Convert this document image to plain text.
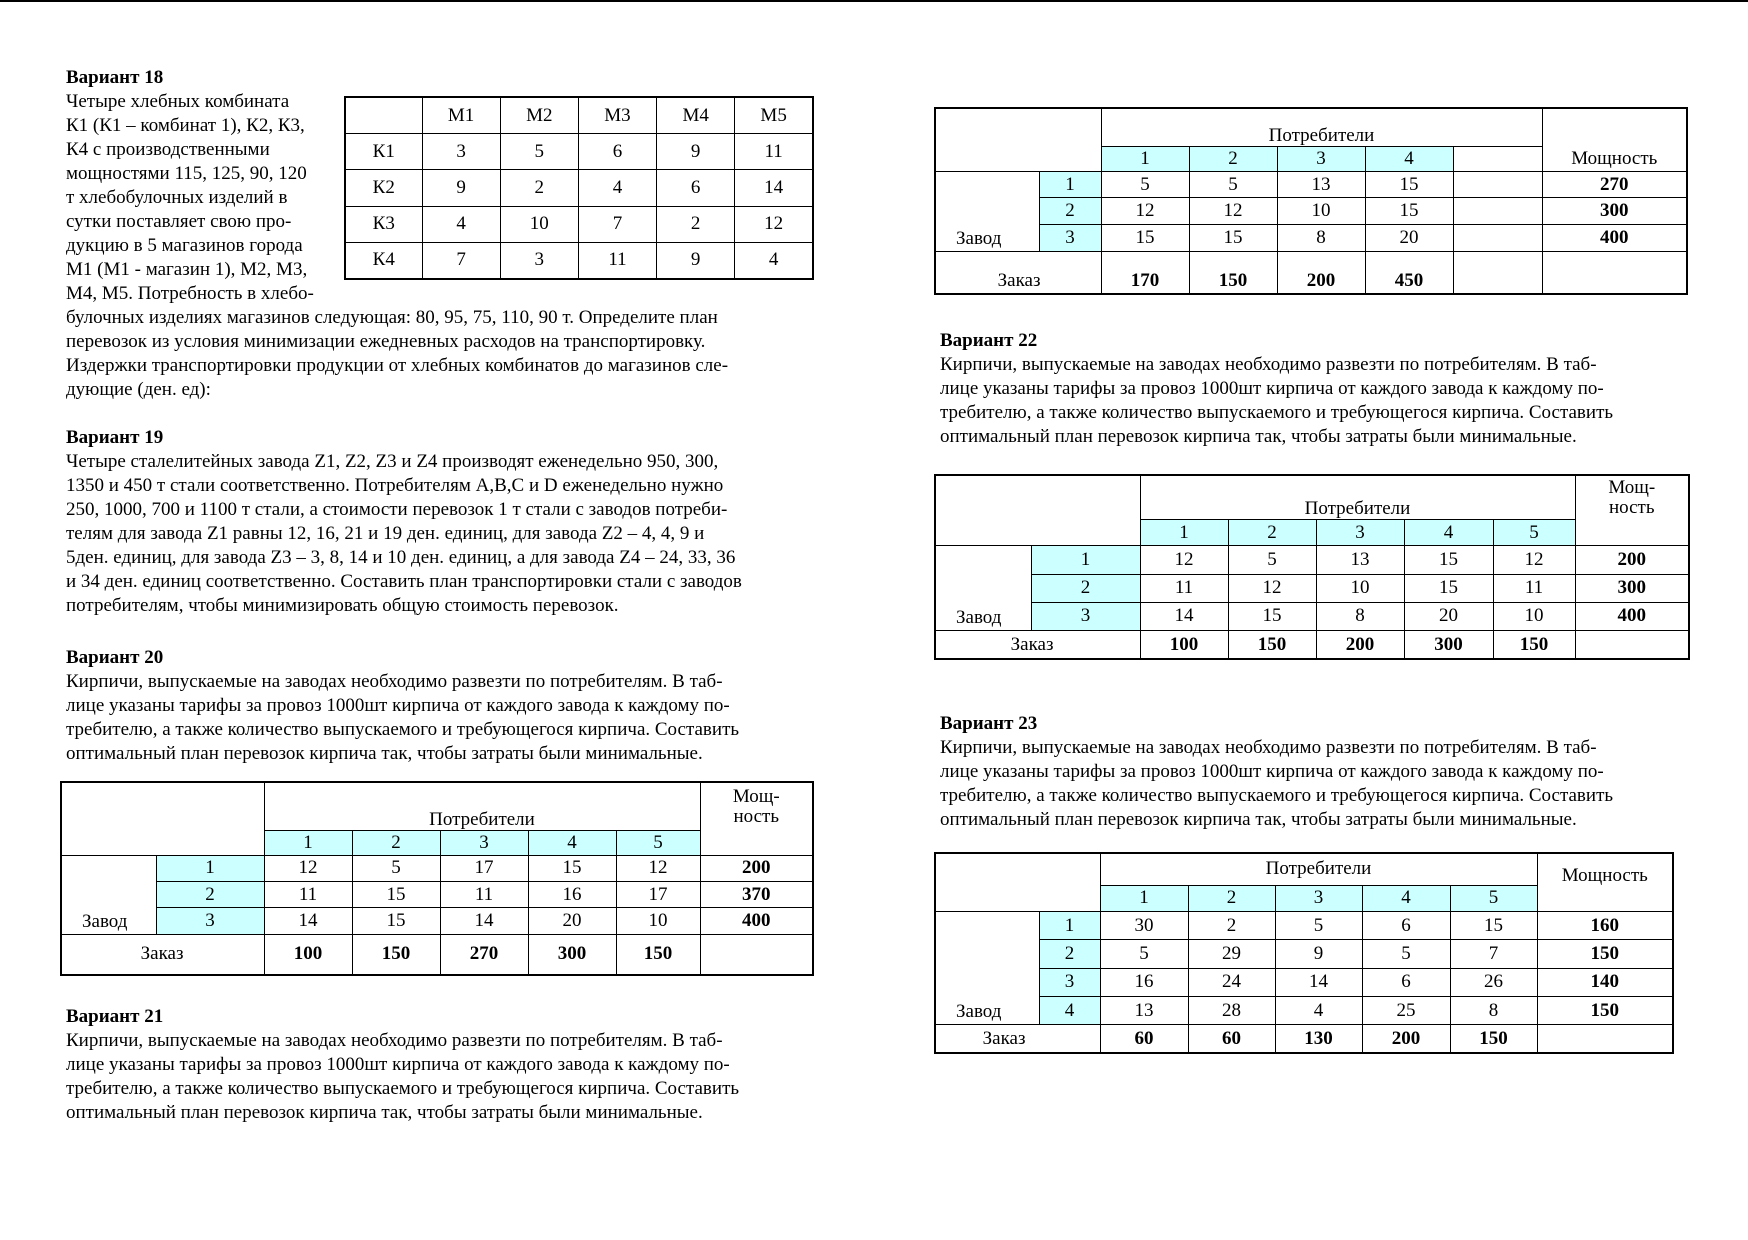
Вариант 18
Четыре хлебных комбината
К1 (К1 – комбинат 1), К2, К3,
К4 с производственными
мощностями 115, 125, 90, 120
т хлебобулочных изделий в
сутки поставляет свою про-
дукцию в 5 магазинов города
М1 (М1 - магазин 1), М2, М3,
М4, М5. Потребность в хлебо-
булочных изделиях магазинов следующая: 80, 95, 75, 110, 90 т. Определите план
перевозок из условия минимизации ежедневных расходов на транспортировку.
Издержки транспортировки продукции от хлебных комбинатов до магазинов сле-
дующие (ден. ед):
	М1	М2	М3	М4	М5
К1	3	5	6	9	11
К2	9	2	4	6	14
К3	4	10	7	2	12
К4	7	3	11	9	4
Вариант 19
Четыре сталелитейных завода Z1, Z2, Z3 и Z4 производят еженедельно 950, 300,
1350 и 450 т стали соответственно. Потребителям A,B,C и D еженедельно нужно
250, 1000, 700 и 1100 т стали, а стоимости перевозок 1 т стали с заводов потреби-
телям для завода Z1 равны 12, 16, 21 и 19 ден. единиц, для завода Z2 – 4, 4, 9 и
5ден. единиц, для завода Z3 – 3, 8, 14 и 10 ден. единиц, а для завода Z4 – 24, 33, 36
и 34 ден. единиц соответственно. Составить план транспортировки стали с заводов
потребителям, чтобы минимизировать общую стоимость перевозок.
Вариант 20
Кирпичи, выпускаемые на заводах необходимо развезти по потребителям. В таб-
лице указаны тарифы за провоз 1000шт кирпича от каждого завода к каждому по-
требителю, а также количество выпускаемого и требующегося кирпича. Составить
оптимальный план перевозок кирпича так, чтобы затраты были минимальные.
		Потребители					Мощ-
ность
		1	2	3	4	5	
Завод	1	12	5	17	15	12	200
	2	11	15	11	16	17	370
	3	14	15	14	20	10	400
Заказ		100	150	270	300	150	
Вариант 21
Кирпичи, выпускаемые на заводах необходимо развезти по потребителям. В таб-
лице указаны тарифы за провоз 1000шт кирпича от каждого завода к каждому по-
требителю, а также количество выпускаемого и требующегося кирпича. Составить
оптимальный план перевозок кирпича так, чтобы затраты были минимальные.
		Потребители					Мощность
		1	2	3	4		
Завод	1	5	5	13	15		270
	2	12	12	10	15		300
	3	15	15	8	20		400
Заказ		170	150	200	450		
Вариант 22
Кирпичи, выпускаемые на заводах необходимо развезти по потребителям. В таб-
лице указаны тарифы за провоз 1000шт кирпича от каждого завода к каждому по-
требителю, а также количество выпускаемого и требующегося кирпича. Составить
оптимальный план перевозок кирпича так, чтобы затраты были минимальные.
		Потребители					Мощ-
ность
		1	2	3	4	5	
Завод	1	12	5	13	15	12	200
	2	11	12	10	15	11	300
	3	14	15	8	20	10	400
Заказ		100	150	200	300	150	
Вариант 23
Кирпичи, выпускаемые на заводах необходимо развезти по потребителям. В таб-
лице указаны тарифы за провоз 1000шт кирпича от каждого завода к каждому по-
требителю, а также количество выпускаемого и требующегося кирпича. Составить
оптимальный план перевозок кирпича так, чтобы затраты были минимальные.
		Потребители					Мощность
		1	2	3	4	5	
Завод	1	30	2	5	6	15	160
	2	5	29	9	5	7	150
	3	16	24	14	6	26	140
	4	13	28	4	25	8	150
Заказ		60	60	130	200	150	
